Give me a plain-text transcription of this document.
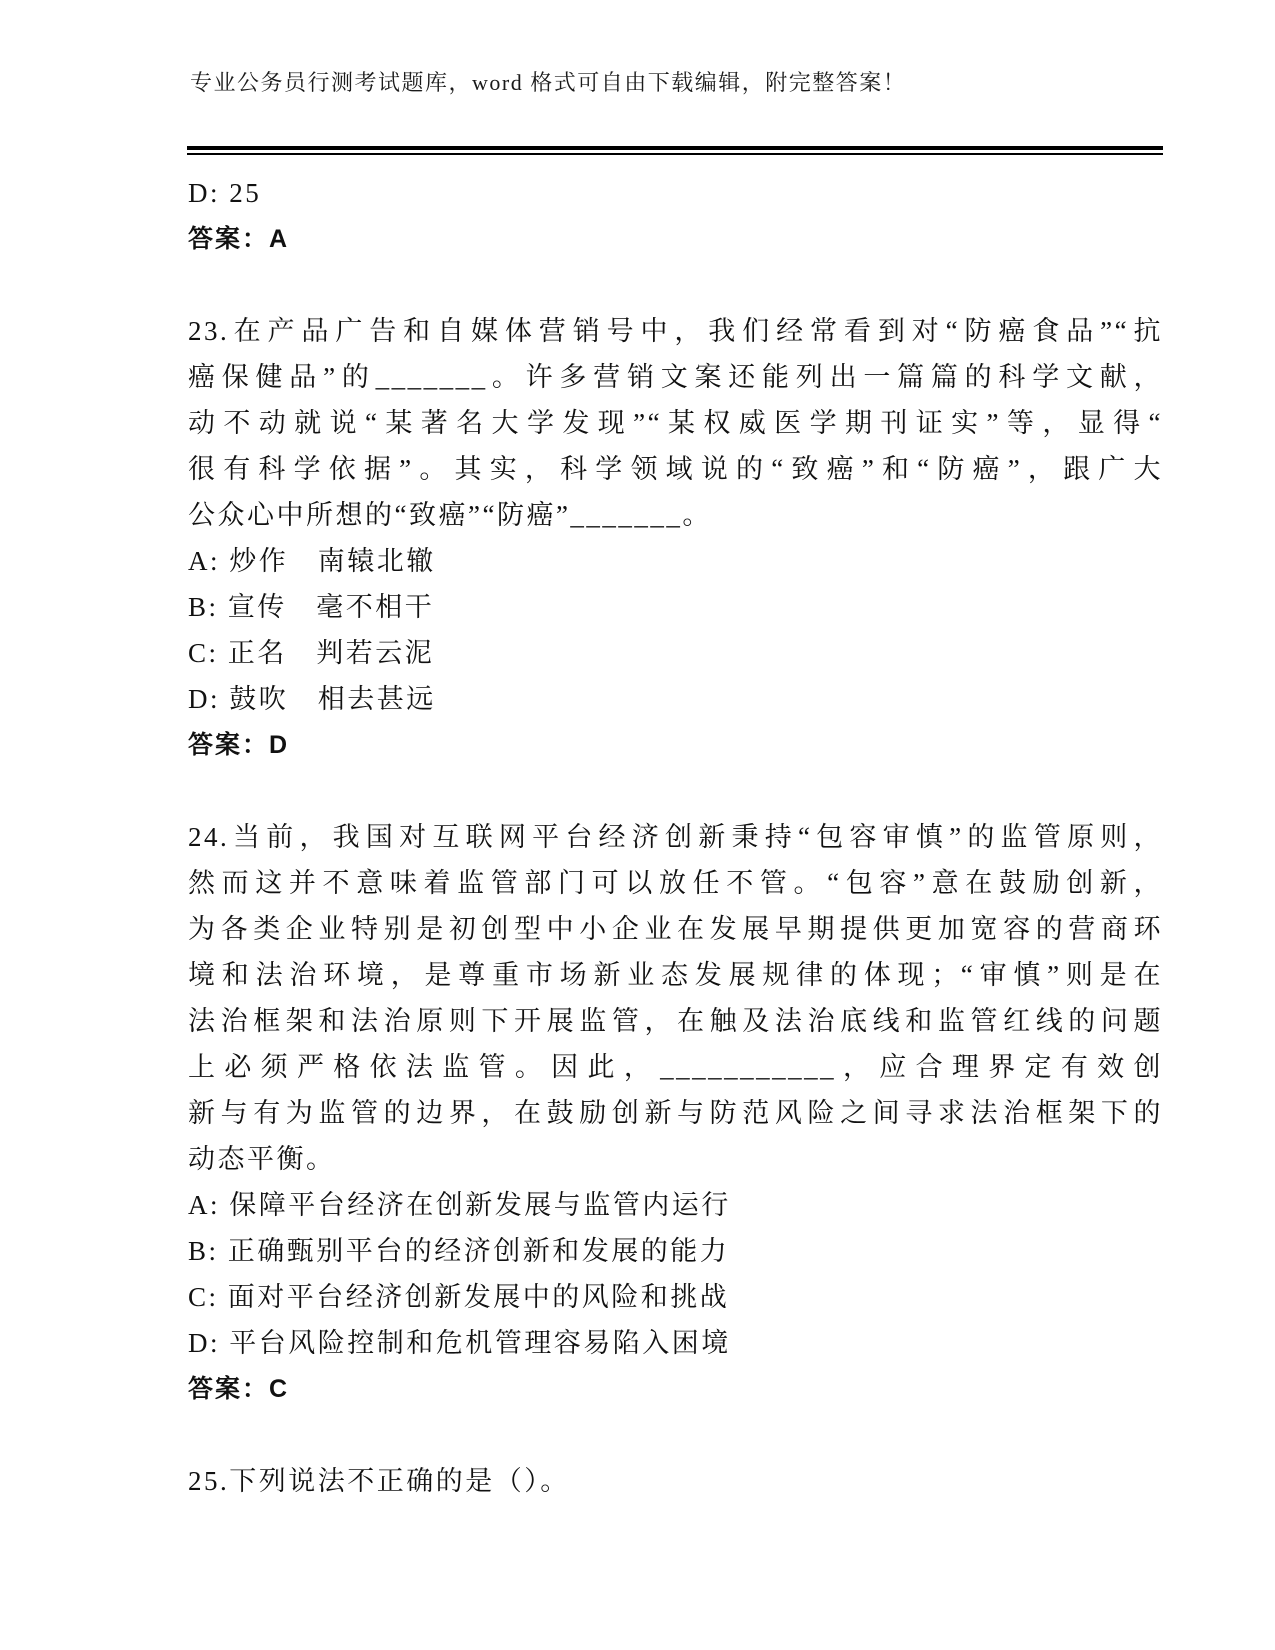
专业公务员行测考试题库，word 格式可自由下载编辑，附完整答案！
D: 25
答案：A
23.在产品广告和自媒体营销号中，我们经常看到对“防癌食品”“抗
癌保健品”的_______。许多营销文案还能列出一篇篇的科学文献，
动不动就说“某著名大学发现”“某权威医学期刊证实”等，显得“
很有科学依据”。其实，科学领域说的“致癌”和“防癌”，跟广大
公众心中所想的“致癌”“防癌”_______。
A: 炒作　南辕北辙
B: 宣传　毫不相干
C: 正名　判若云泥
D: 鼓吹　相去甚远
答案：D
24.当前，我国对互联网平台经济创新秉持“包容审慎”的监管原则，
然而这并不意味着监管部门可以放任不管。“包容”意在鼓励创新，
为各类企业特别是初创型中小企业在发展早期提供更加宽容的营商环
境和法治环境，是尊重市场新业态发展规律的体现；“审慎”则是在
法治框架和法治原则下开展监管，在触及法治底线和监管红线的问题
上必须严格依法监管。因此，___________，应合理界定有效创
新与有为监管的边界，在鼓励创新与防范风险之间寻求法治框架下的
动态平衡。
A: 保障平台经济在创新发展与监管内运行
B: 正确甄别平台的经济创新和发展的能力
C: 面对平台经济创新发展中的风险和挑战
D: 平台风险控制和危机管理容易陷入困境
答案：C
25.下列说法不正确的是（）。
